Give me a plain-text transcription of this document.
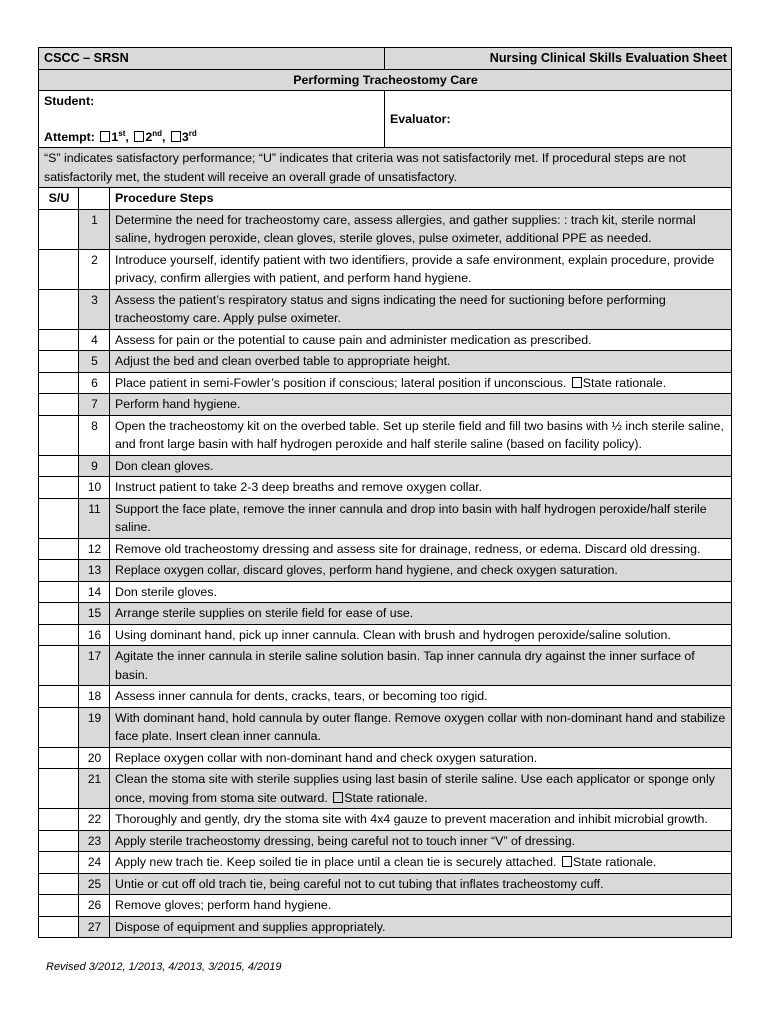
CSCC – SRSN			Nursing Clinical Skills Evaluation Sheet
Performing Tracheostomy Care			

Student:
Attempt: 1st, 2nd, 3rd			Evaluator:
“S” indicates satisfactory performance; “U” indicates that criteria was not satisfactorily met. If procedural steps are not satisfactorily met, the student will receive an overall grade of unsatisfactory.			
S/U		Procedure Steps	
	1	Determine the need for tracheostomy care, assess allergies, and gather supplies: : trach kit, sterile normal saline, hydrogen peroxide, clean gloves, sterile gloves, pulse oximeter, additional PPE as needed.	
	2	Introduce yourself, identify patient with two identifiers, provide a safe environment, explain procedure, provide privacy, confirm allergies with patient, and perform hand hygiene.	
	3	Assess the patient’s respiratory status and signs indicating the need for suctioning before performing tracheostomy care. Apply pulse oximeter.	
	4	Assess for pain or the potential to cause pain and administer medication as prescribed.	
	5	Adjust the bed and clean overbed table to appropriate height.	
	6	Place patient in semi-Fowler’s position if conscious; lateral position if unconscious. State rationale.	
	7	Perform hand hygiene.	
	8	Open the tracheostomy kit on the overbed table. Set up sterile field and fill two basins with ½ inch sterile saline, and front large basin with half hydrogen peroxide and half sterile saline (based on facility policy).	
	9	Don clean gloves.	
	10	Instruct patient to take 2-3 deep breaths and remove oxygen collar.	
	11	Support the face plate, remove the inner cannula and drop into basin with half hydrogen peroxide/half sterile saline.	
	12	Remove old tracheostomy dressing and assess site for drainage, redness, or edema. Discard old dressing.	
	13	Replace oxygen collar, discard gloves, perform hand hygiene, and check oxygen saturation.	
	14	Don sterile gloves.	
	15	Arrange sterile supplies on sterile field for ease of use.	
	16	Using dominant hand, pick up inner cannula. Clean with brush and hydrogen peroxide/saline solution.	
	17	Agitate the inner cannula in sterile saline solution basin. Tap inner cannula dry against the inner surface of basin.	
	18	Assess inner cannula for dents, cracks, tears, or becoming too rigid.	
	19	With dominant hand, hold cannula by outer flange. Remove oxygen collar with non-dominant hand and stabilize face plate. Insert clean inner cannula.	
	20	Replace oxygen collar with non-dominant hand and check oxygen saturation.	
	21	Clean the stoma site with sterile supplies using last basin of sterile saline. Use each applicator or sponge only once, moving from stoma site outward. State rationale.	
	22	Thoroughly and gently, dry the stoma site with 4x4 gauze to prevent maceration and inhibit microbial growth.	
	23	Apply sterile tracheostomy dressing, being careful not to touch inner “V” of dressing.	
	24	Apply new trach tie. Keep soiled tie in place until a clean tie is securely attached. State rationale.	
	25	Untie or cut off old trach tie, being careful not to cut tubing that inflates tracheostomy cuff.	
	26	Remove gloves; perform hand hygiene.	
	27	Dispose of equipment and supplies appropriately.	
Revised 3/2012, 1/2013, 4/2013, 3/2015, 4/2019
